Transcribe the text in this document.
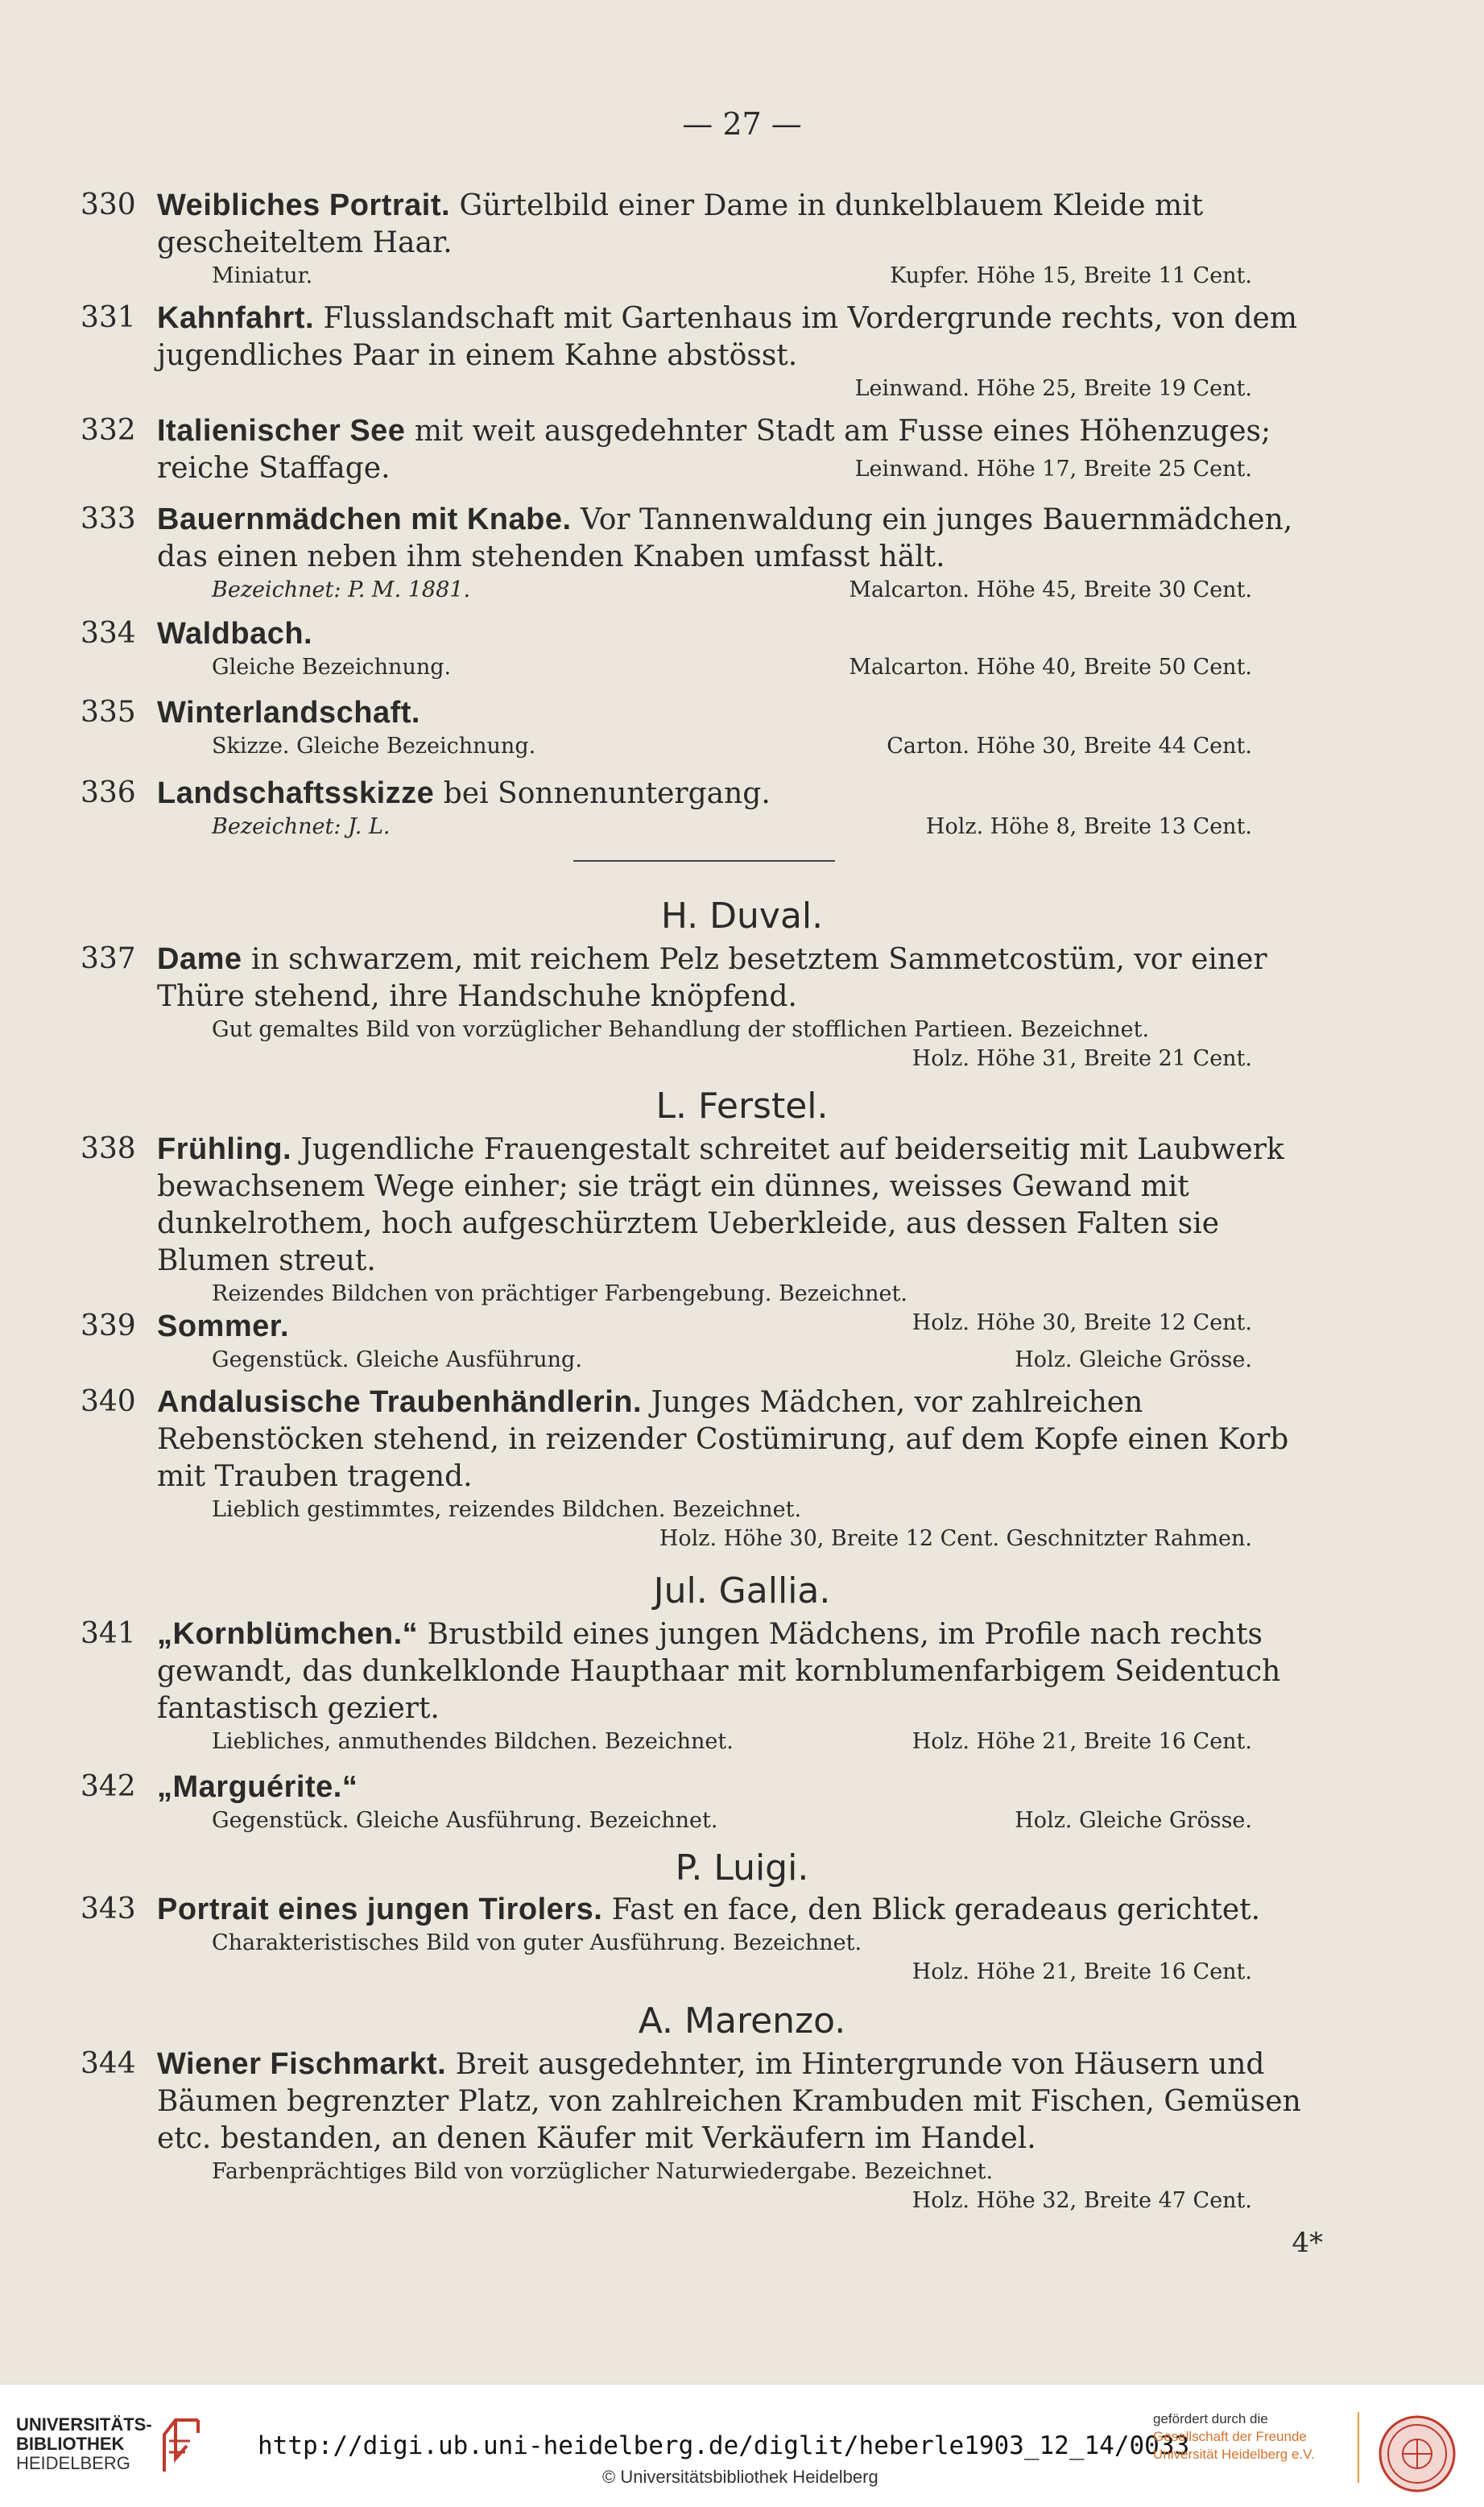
— 27 —
330 Weibliches Portrait. Gürtelbild einer Dame in dunkelblauem Kleide mit gescheiteltem Haar.
Miniatur.	Kupfer. Höhe 15, Breite 11 Cent.
331 Kahnfahrt. Flusslandschaft mit Gartenhaus im Vordergrunde rechts, von dem jugendliches Paar in einem Kahne abstösst.
Leinwand. Höhe 25, Breite 19 Cent.
332 Italienischer See mit weit ausgedehnter Stadt am Fusse eines Höhenzuges; reiche Staffage.	Leinwand. Höhe 17, Breite 25 Cent.
333 Bauernmädchen mit Knabe. Vor Tannenwaldung ein junges Bauernmädchen, das einen neben ihm stehenden Knaben umfasst hält.
Bezeichnet: P. M. 1881.	Malcarton. Höhe 45, Breite 30 Cent.
334 Waldbach.
Gleiche Bezeichnung.	Malcarton. Höhe 40, Breite 50 Cent.
335 Winterlandschaft.
Skizze. Gleiche Bezeichnung.	Carton. Höhe 30, Breite 44 Cent.
336 Landschaftsskizze bei Sonnenuntergang.
Bezeichnet: J. L.	Holz. Höhe 8, Breite 13 Cent.
H. Duval.
337 Dame in schwarzem, mit reichem Pelz besetztem Sammetcostüm, vor einer Thüre stehend, ihre Handschuhe knöpfend.
Gut gemaltes Bild von vorzüglicher Behandlung der stofflichen Partieen. Bezeichnet.
Holz. Höhe 31, Breite 21 Cent.
L. Ferstel.
338 Frühling. Jugendliche Frauengestalt schreitet auf beiderseitig mit Laubwerk bewachsenem Wege einher; sie trägt ein dünnes, weisses Gewand mit dunkelrothem, hoch aufgeschürztem Ueberkleide, aus dessen Falten sie Blumen streut.
Reizendes Bildchen von prächtiger Farbengebung. Bezeichnet.
Holz. Höhe 30, Breite 12 Cent.
339 Sommer.
Gegenstück. Gleiche Ausführung.	Holz. Gleiche Grösse.
340 Andalusische Traubenhändlerin. Junges Mädchen, vor zahlreichen Rebenstöcken stehend, in reizender Costümirung, auf dem Kopfe einen Korb mit Trauben tragend.
Lieblich gestimmtes, reizendes Bildchen. Bezeichnet.
Holz. Höhe 30, Breite 12 Cent. Geschnitzter Rahmen.
Jul. Gallia.
341 „Kornblümchen.“ Brustbild eines jungen Mädchens, im Profile nach rechts gewandt, das dunkelklonde Haupthaar mit kornblumenfarbigem Seidentuch fantastisch geziert.
Liebliches, anmuthendes Bildchen. Bezeichnet.	Holz. Höhe 21, Breite 16 Cent.
342 „Marguérite.“
Gegenstück. Gleiche Ausführung. Bezeichnet.	Holz. Gleiche Grösse.
P. Luigi.
343 Portrait eines jungen Tirolers. Fast en face, den Blick geradeaus gerichtet.
Charakteristisches Bild von guter Ausführung. Bezeichnet.
Holz. Höhe 21, Breite 16 Cent.
A. Marenzo.
344 Wiener Fischmarkt. Breit ausgedehnter, im Hintergrunde von Häusern und Bäumen begrenzter Platz, von zahlreichen Krambuden mit Fischen, Gemüsen etc. bestanden, an denen Käufer mit Verkäufern im Handel.
Farbenprächtiges Bild von vorzüglicher Naturwiedergabe. Bezeichnet.
Holz. Höhe 32, Breite 47 Cent.
4*
UNIVERSITÄTS-
BIBLIOTHEK
HEIDELBERG
http://digi.ub.uni-heidelberg.de/diglit/heberle1903_12_14/0033
© Universitätsbibliothek Heidelberg
gefördert durch die
Gesellschaft der Freunde
Universität Heidelberg e.V.
